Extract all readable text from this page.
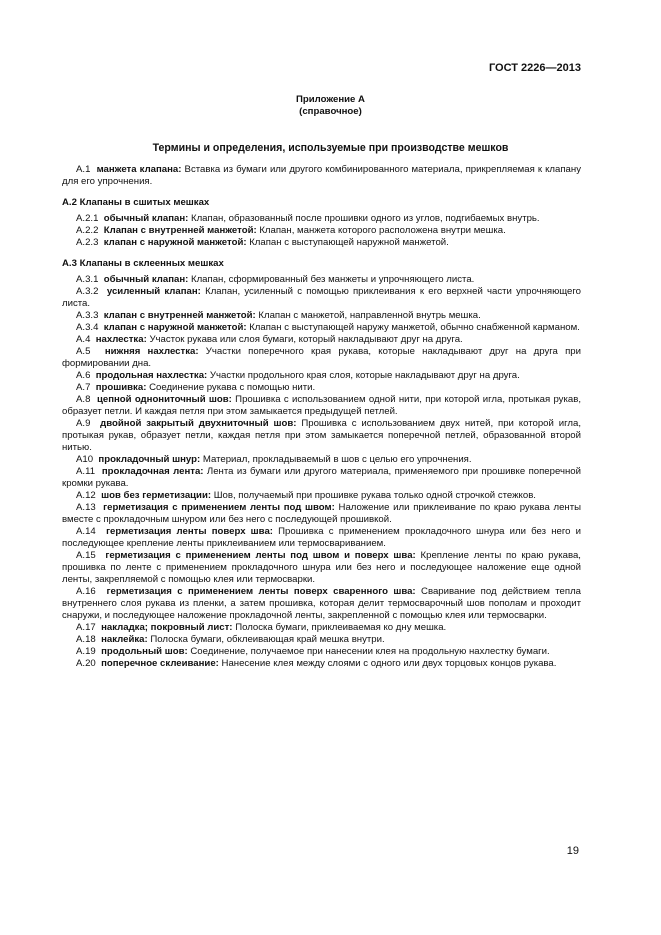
ГОСТ 2226—2013
Приложение А
(справочное)
Термины и определения, используемые при производстве мешков

А.1 манжета клапана: Вставка из бумаги или другого комбинированного материала, прикрепляемая к клапану для его упрочнения.

А.2 Клапаны в сшитых мешках

А.2.1 обычный клапан: Клапан, образованный после прошивки одного из углов, подгибаемых внутрь.

А.2.2 Клапан с внутренней манжетой: Клапан, манжета которого расположена внутри мешка.

А.2.3 клапан с наружной манжетой: Клапан с выступающей наружной манжетой.

А.3 Клапаны в склеенных мешках

А.3.1 обычный клапан: Клапан, сформированный без манжеты и упрочняющего листа.

А.3.2 усиленный клапан: Клапан, усиленный с помощью приклеивания к его верхней части упрочняющего листа.

А.3.3 клапан с внутренней манжетой: Клапан с манжетой, направленной внутрь мешка.

А.3.4 клапан с наружной манжетой: Клапан с выступающей наружу манжетой, обычно снабженной карманом.

А.4 нахлестка: Участок рукава или слоя бумаги, который накладывают друг на друга.

А.5 нижняя нахлестка: Участки поперечного края рукава, которые накладывают друг на друга при формировании дна.

А.6 продольная нахлестка: Участки продольного края слоя, которые накладывают друг на друга.

А.7 прошивка: Соединение рукава с помощью нити.

А.8 цепной однониточный шов: Прошивка с использованием одной нити, при которой игла, протыкая рукав, образует петли. И каждая петля при этом замыкается предыдущей петлей.

А.9 двойной закрытый двухниточный шов: Прошивка с использованием двух нитей, при которой игла, протыкая рукав, образует петли, каждая петля при этом замыкается поперечной петлей, образованной второй нитью.

А10 прокладочный шнур: Материал, прокладываемый в шов с целью его упрочнения.

А.11 прокладочная лента: Лента из бумаги или другого материала, применяемого при прошивке поперечной кромки рукава.

А.12 шов без герметизации: Шов, получаемый при прошивке рукава только одной строчкой стежков.

А.13 герметизация с применением ленты под швом: Наложение или приклеивание по краю рукава ленты вместе с прокладочным шнуром или без него с последующей прошивкой.

А.14 герметизация ленты поверх шва: Прошивка с применением прокладочного шнура или без него и последующее крепление ленты приклеиванием или термосвариванием.

А.15 герметизация с применением ленты под швом и поверх шва: Крепление ленты по краю рукава, прошивка по ленте с применением прокладочного шнура или без него и последующее наложение еще одной ленты, закрепляемой с помощью клея или термосварки.

А.16 герметизация с применением ленты поверх сваренного шва: Сваривание под действием тепла внутреннего слоя рукава из пленки, а затем прошивка, которая делит термосварочный шов пополам и проходит снаружи, и последующее наложение прокладочной ленты, закрепленной с помощью клея или термосварки.

А.17 накладка; покровный лист: Полоска бумаги, приклеиваемая ко дну мешка.

А.18 наклейка: Полоска бумаги, обклеивающая край мешка внутри.

А.19 продольный шов: Соединение, получаемое при нанесении клея на продольную нахлестку бумаги.

А.20 поперечное склеивание: Нанесение клея между слоями с одного или двух торцовых концов рукава.

19
